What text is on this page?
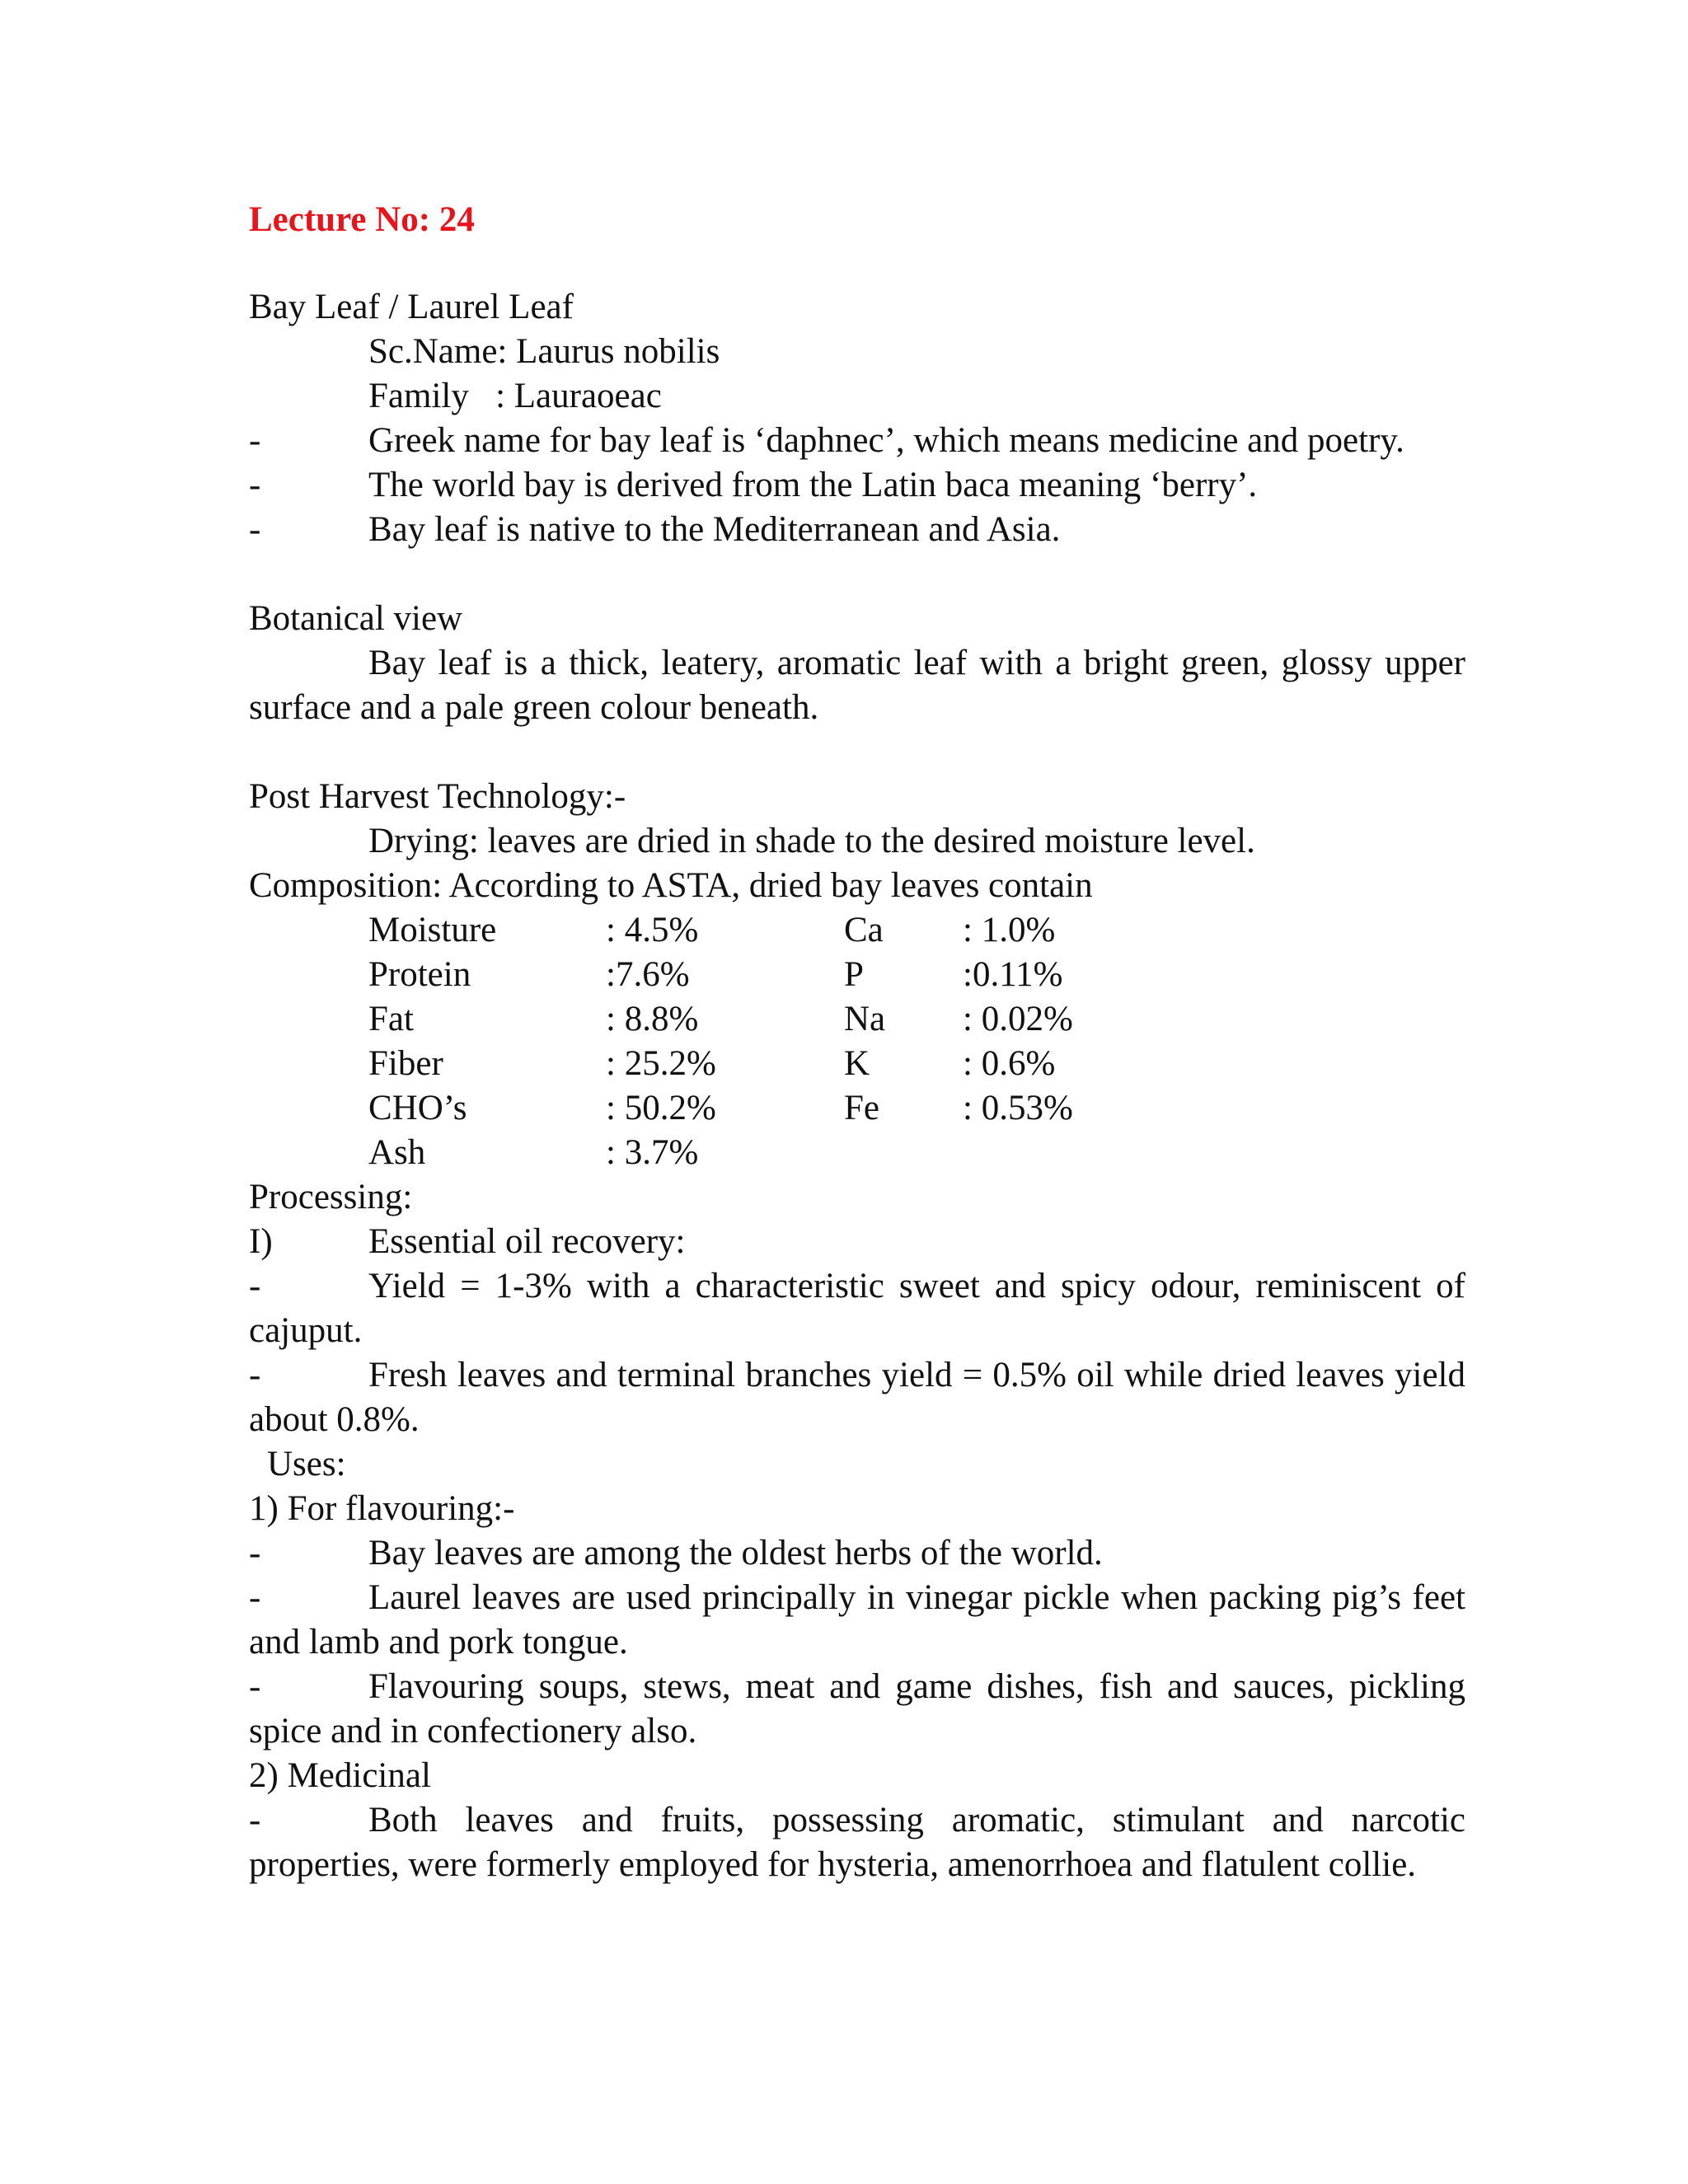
Lecture No: 24
Bay Leaf / Laurel Leaf
Sc.Name: Laurus nobilis
Family   : Lauraoeac
-	Greek name for bay leaf is ‘daphnec’, which means medicine and poetry.
-	The world bay is derived from the Latin baca meaning ‘berry’.
-	Bay leaf is native to the Mediterranean and Asia.
Botanical view
Bay leaf is a thick, leatery, aromatic leaf with a bright green, glossy upper surface and a pale green colour beneath.
Post Harvest Technology:-
Drying: leaves are dried in shade to the desired moisture level.
Composition: According to ASTA, dried bay leaves contain
Moisture	: 4.5%	Ca : 1.0%
Protein	:7.6%	P	:0.11%
Fat	: 8.8%	Na : 0.02%
Fiber	: 25.2%	K	: 0.6%
CHO’s	: 50.2%	Fe : 0.53%
Ash	: 3.7%
Processing:
I)	Essential oil recovery:
-	Yield = 1-3% with a characteristic sweet and spicy odour, reminiscent of cajuput.
-	Fresh leaves and terminal branches yield = 0.5% oil while dried leaves yield about 0.8%.
Uses:
1) For flavouring:-
-	Bay leaves are among the oldest herbs of the world.
-	Laurel leaves are used principally in vinegar pickle when packing pig’s feet and lamb and pork tongue.
-	Flavouring soups, stews, meat and game dishes, fish and sauces, pickling spice and in confectionery also.
2) Medicinal
-	Both leaves and fruits, possessing aromatic, stimulant and narcotic properties, were formerly employed for hysteria, amenorrhoea and flatulent collie.
